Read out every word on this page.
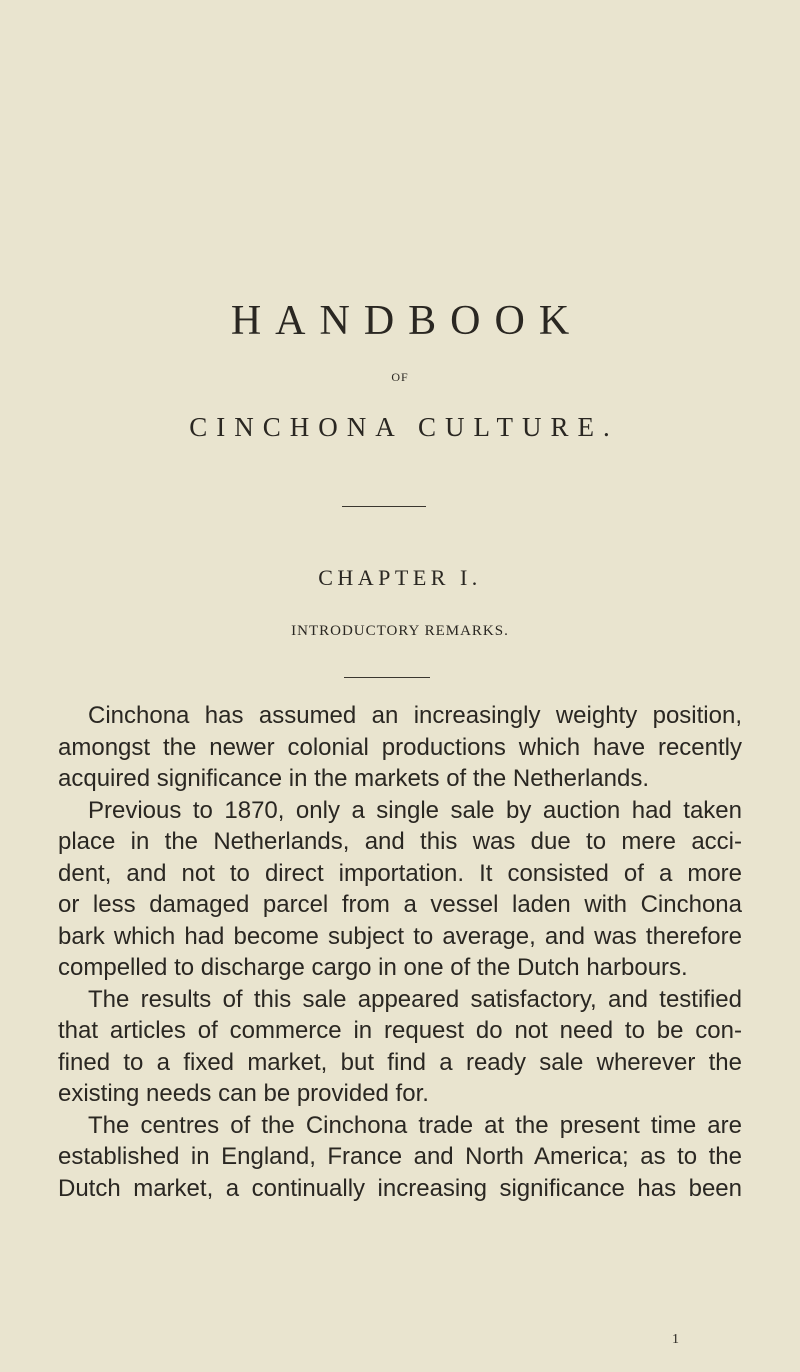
HANDBOOK
OF
CINCHONA CULTURE.
CHAPTER I.
INTRODUCTORY REMARKS.
Cinchona has assumed an increasingly weighty position,
amongst the newer colonial productions which have recently
acquired significance in the markets of the Netherlands.
Previous to 1870, only a single sale by auction had taken
place in the Netherlands, and this was due to mere acci-
dent, and not to direct importation. It consisted of a more
or less damaged parcel from a vessel laden with Cinchona
bark which had become subject to average, and was therefore
compelled to discharge cargo in one of the Dutch harbours.
The results of this sale appeared satisfactory, and testified
that articles of commerce in request do not need to be con-
fined to a fixed market, but find a ready sale wherever the
existing needs can be provided for.
The centres of the Cinchona trade at the present time are
established in England, France and North America; as to the
Dutch market, a continually increasing significance has been
1
